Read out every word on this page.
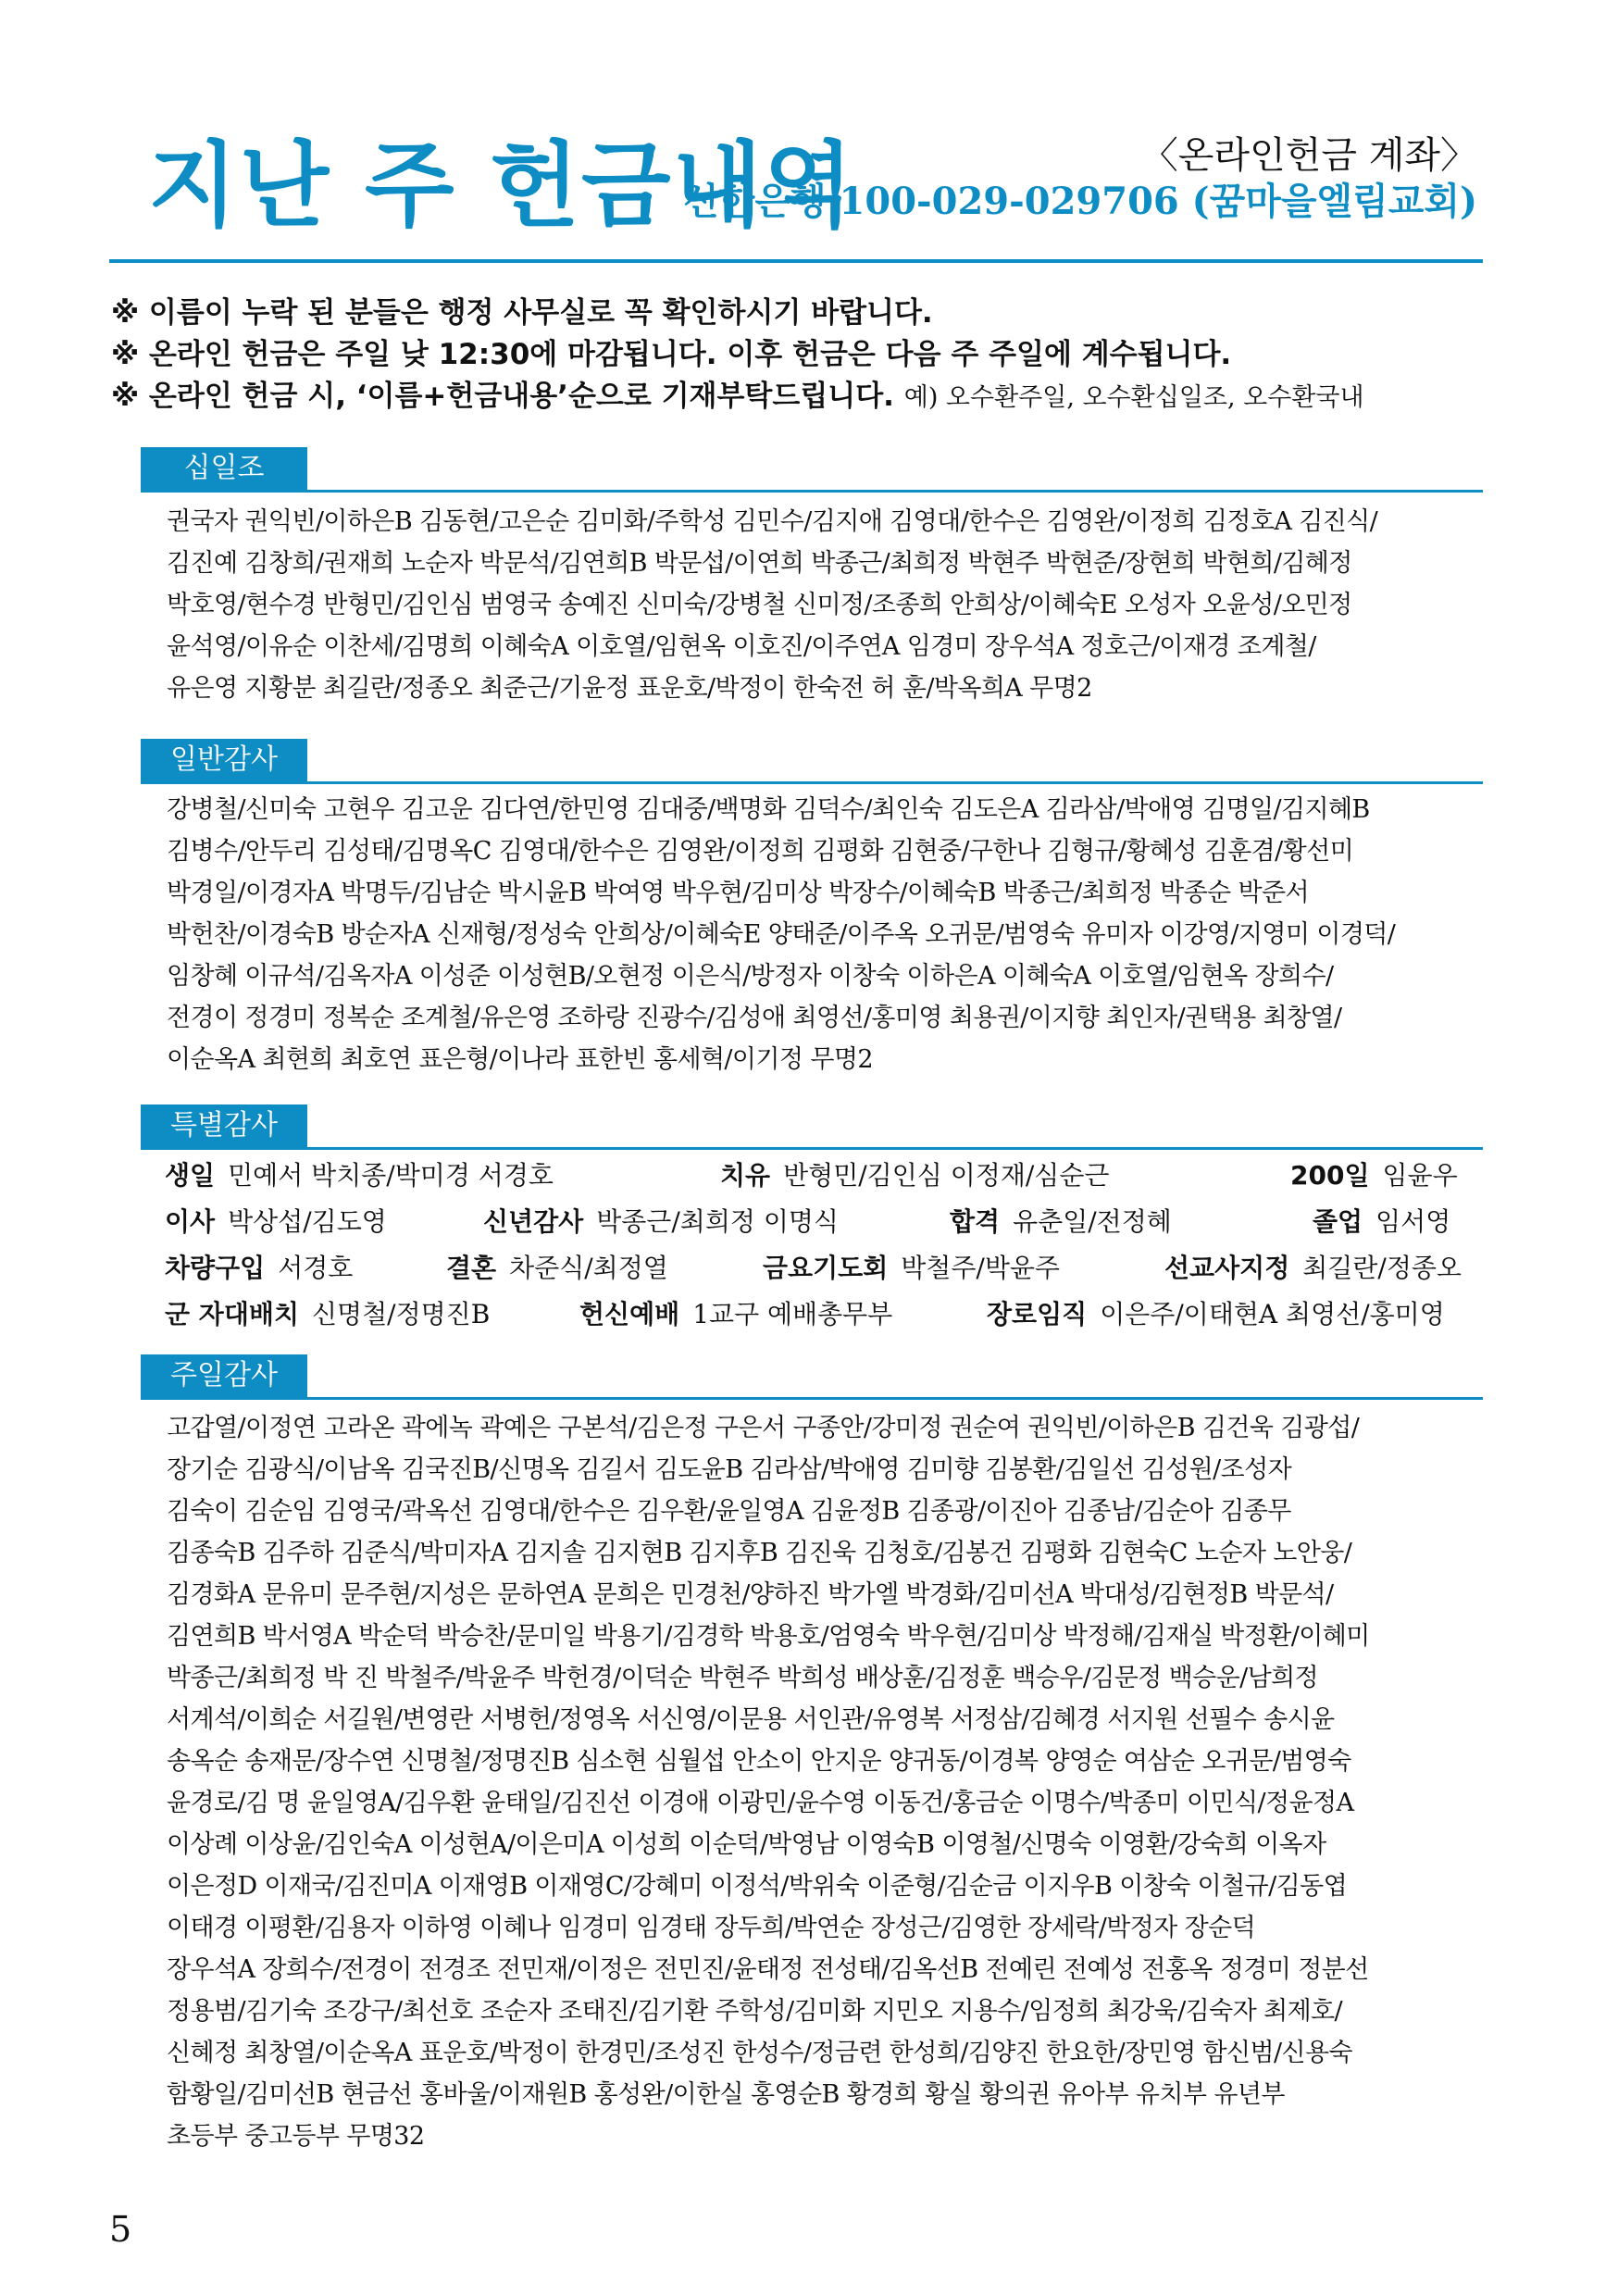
지난 주 헌금내역	〈온라인헌금 계좌〉
신한은행 100-029-029706 (꿈마을엘림교회)
※ 이름이 누락 된 분들은 행정 사무실로 꼭 확인하시기 바랍니다.
※ 온라인 헌금은 주일 낮 12:30에 마감됩니다. 이후 헌금은 다음 주 주일에 계수됩니다.
※ 온라인 헌금 시, ‘이름+헌금내용’순으로 기재부탁드립니다. 예) 오수환주일, 오수환십일조, 오수환국내
십일조
권국자 권익빈/이하은B 김동현/고은순 김미화/주학성 김민수/김지애 김영대/한수은 김영완/이정희 김정호A 김진식/
김진예 김창희/권재희 노순자 박문석/김연희B 박문섭/이연희 박종근/최희정 박현주 박현준/장현희 박현희/김혜정
박호영/현수경 반형민/김인심 범영국 송예진 신미숙/강병철 신미정/조종희 안희상/이혜숙E 오성자 오윤성/오민정
윤석영/이유순 이찬세/김명희 이혜숙A 이호열/임현옥 이호진/이주연A 임경미 장우석A 정호근/이재경 조계철/
유은영 지황분 최길란/정종오 최준근/기윤정 표운호/박정이 한숙전 허 훈/박옥희A 무명2
일반감사
강병철/신미숙 고현우 김고운 김다연/한민영 김대중/백명화 김덕수/최인숙 김도은A 김라삼/박애영 김명일/김지혜B
김병수/안두리 김성태/김명옥C 김영대/한수은 김영완/이정희 김평화 김현중/구한나 김형규/황혜성 김훈겸/황선미
박경일/이경자A 박명두/김남순 박시윤B 박여영 박우현/김미상 박장수/이혜숙B 박종근/최희정 박종순 박준서
박헌찬/이경숙B 방순자A 신재형/정성숙 안희상/이혜숙E 양태준/이주옥 오귀문/범영숙 유미자 이강영/지영미 이경덕/
임창혜 이규석/김옥자A 이성준 이성현B/오현정 이은식/방정자 이창숙 이하은A 이혜숙A 이호열/임현옥 장희수/
전경이 정경미 정복순 조계철/유은영 조하랑 진광수/김성애 최영선/홍미영 최용권/이지향 최인자/권택용 최창열/
이순옥A 최현희 최호연 표은형/이나라 표한빈 홍세혁/이기정 무명2
특별감사
생일 민예서 박치종/박미경 서경호	치유 반형민/김인심 이정재/심순근	200일 임윤우
이사 박상섭/김도영	신년감사 박종근/최희정 이명식	합격 유춘일/전정혜	졸업 임서영
차량구입 서경호	결혼 차준식/최정열	금요기도회 박철주/박윤주	선교사지정 최길란/정종오
군 자대배치 신명철/정명진B	헌신예배 1교구 예배총무부	장로임직 이은주/이태현A 최영선/홍미영
주일감사
고갑열/이정연 고라온 곽에녹 곽예은 구본석/김은정 구은서 구종안/강미정 권순여 권익빈/이하은B 김건욱 김광섭/
장기순 김광식/이남옥 김국진B/신명옥 김길서 김도윤B 김라삼/박애영 김미향 김봉환/김일선 김성원/조성자
김숙이 김순임 김영국/곽옥선 김영대/한수은 김우환/윤일영A 김윤정B 김종광/이진아 김종남/김순아 김종무
김종숙B 김주하 김준식/박미자A 김지솔 김지현B 김지후B 김진욱 김청호/김봉건 김평화 김현숙C 노순자 노안웅/
김경화A 문유미 문주현/지성은 문하연A 문희은 민경천/양하진 박가엘 박경화/김미선A 박대성/김현정B 박문석/
김연희B 박서영A 박순덕 박승찬/문미일 박용기/김경학 박용호/엄영숙 박우현/김미상 박정해/김재실 박정환/이혜미
박종근/최희정 박 진 박철주/박윤주 박헌경/이덕순 박현주 박희성 배상훈/김정훈 백승우/김문정 백승운/남희정
서계석/이희순 서길원/변영란 서병헌/정영옥 서신영/이문용 서인관/유영복 서정삼/김혜경 서지원 선필수 송시윤
송옥순 송재문/장수연 신명철/정명진B 심소현 심월섭 안소이 안지운 양귀동/이경복 양영순 여삼순 오귀문/범영숙
윤경로/김 명 윤일영A/김우환 윤태일/김진선 이경애 이광민/윤수영 이동건/홍금순 이명수/박종미 이민식/정윤정A
이상례 이상윤/김인숙A 이성현A/이은미A 이성희 이순덕/박영남 이영숙B 이영철/신명숙 이영환/강숙희 이옥자
이은정D 이재국/김진미A 이재영B 이재영C/강혜미 이정석/박위숙 이준형/김순금 이지우B 이창숙 이철규/김동엽
이태경 이평환/김용자 이하영 이혜나 임경미 임경태 장두희/박연순 장성근/김영한 장세락/박정자 장순덕
장우석A 장희수/전경이 전경조 전민재/이정은 전민진/윤태정 전성태/김옥선B 전예린 전예성 전홍옥 정경미 정분선
정용범/김기숙 조강구/최선호 조순자 조태진/김기환 주학성/김미화 지민오 지용수/임정희 최강욱/김숙자 최제호/
신혜정 최창열/이순옥A 표운호/박정이 한경민/조성진 한성수/정금련 한성희/김양진 한요한/장민영 함신범/신용숙
함황일/김미선B 현금선 홍바울/이재원B 홍성완/이한실 홍영순B 황경희 황실 황의권 유아부 유치부 유년부
초등부 중고등부 무명32
5
